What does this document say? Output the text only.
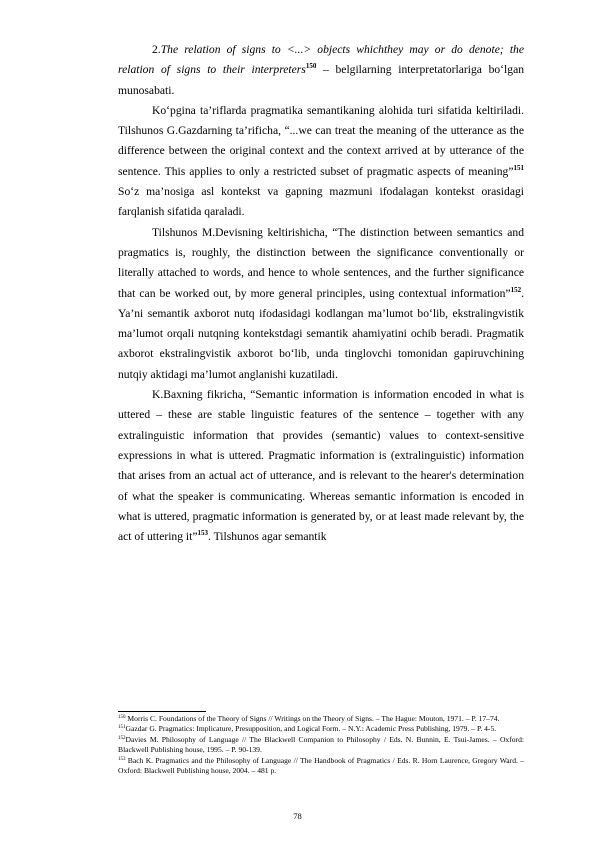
2.The relation of signs to <...> objects whichthey may or do denote; the relation of signs to their interpreters$^{150}$ – belgilarning interpretatorlariga bo‘lgan munosabati.

Ko‘pgina ta’riflarda pragmatika semantikaning alohida turi sifatida keltiriladi. Tilshunos G.Gazdarning ta’rificha, “...we can treat the meaning of the utterance as the difference between the original context and the context arrived at by utterance of the sentence. This applies to only a restricted subset of pragmatic aspects of meaning”$^{151}$ So‘z ma’nosiga asl kontekst va gapning mazmuni ifodalagan kontekst orasidagi farqlanish sifatida qaraladi.

Tilshunos M.Devisning keltirishicha, “The distinction between semantics and pragmatics is, roughly, the distinction between the significance conventionally or literally attached to words, and hence to whole sentences, and the further significance that can be worked out, by more general principles, using contextual information”$^{152}$. Ya’ni semantik axborot nutq ifodasidagi kodlangan ma’lumot bo‘lib, ekstralingvistik ma’lumot orqali nutqning kontekstdagi semantik ahamiyatini ochib beradi. Pragmatik axborot ekstralingvistik axborot bo‘lib, unda tinglovchi tomonidan gapiruvchining nutqiy aktidagi ma’lumot anglanishi kuzatiladi.

K.Baxning fikricha, “Semantic information is information encoded in what is uttered – these are stable linguistic features of the sentence – together with any extralinguistic information that provides (semantic) values to context-sensitive expressions in what is uttered. Pragmatic information is (extralinguistic) information that arises from an actual act of utterance, and is relevant to the hearer's determination of what the speaker is communicating. Whereas semantic information is encoded in what is uttered, pragmatic information is generated by, or at least made relevant by, the act of uttering it”$^{153}$. Tilshunos agar semantik

$^{150}$ Morris C. Foundations of the Theory of Signs // Writings on the Theory of Signs. – The Hague: Mouton, 1971. – P. 17–74.

$^{151}$Gazdar G. Pragmatics: Implicature, Presupposition, and Logical Form. – N.Y.: Academic Press Publishing, 1979. – P. 4-5.

$^{152}$Davies M. Philosophy of Language // The Blackwell Companion to Philosophy / Eds. N. Bunnin, E. Tsui-James. – Oxford: Blackwell Publishing house, 1995. – P. 90-139.

$^{153}$ Bach K. Pragmatics and the Philosophy of Language // The Handbook of Pragmatics / Eds. R. Horn Laurence, Gregory Ward. – Oxford: Blackwell Publishing house, 2004. – 481 p.

78
